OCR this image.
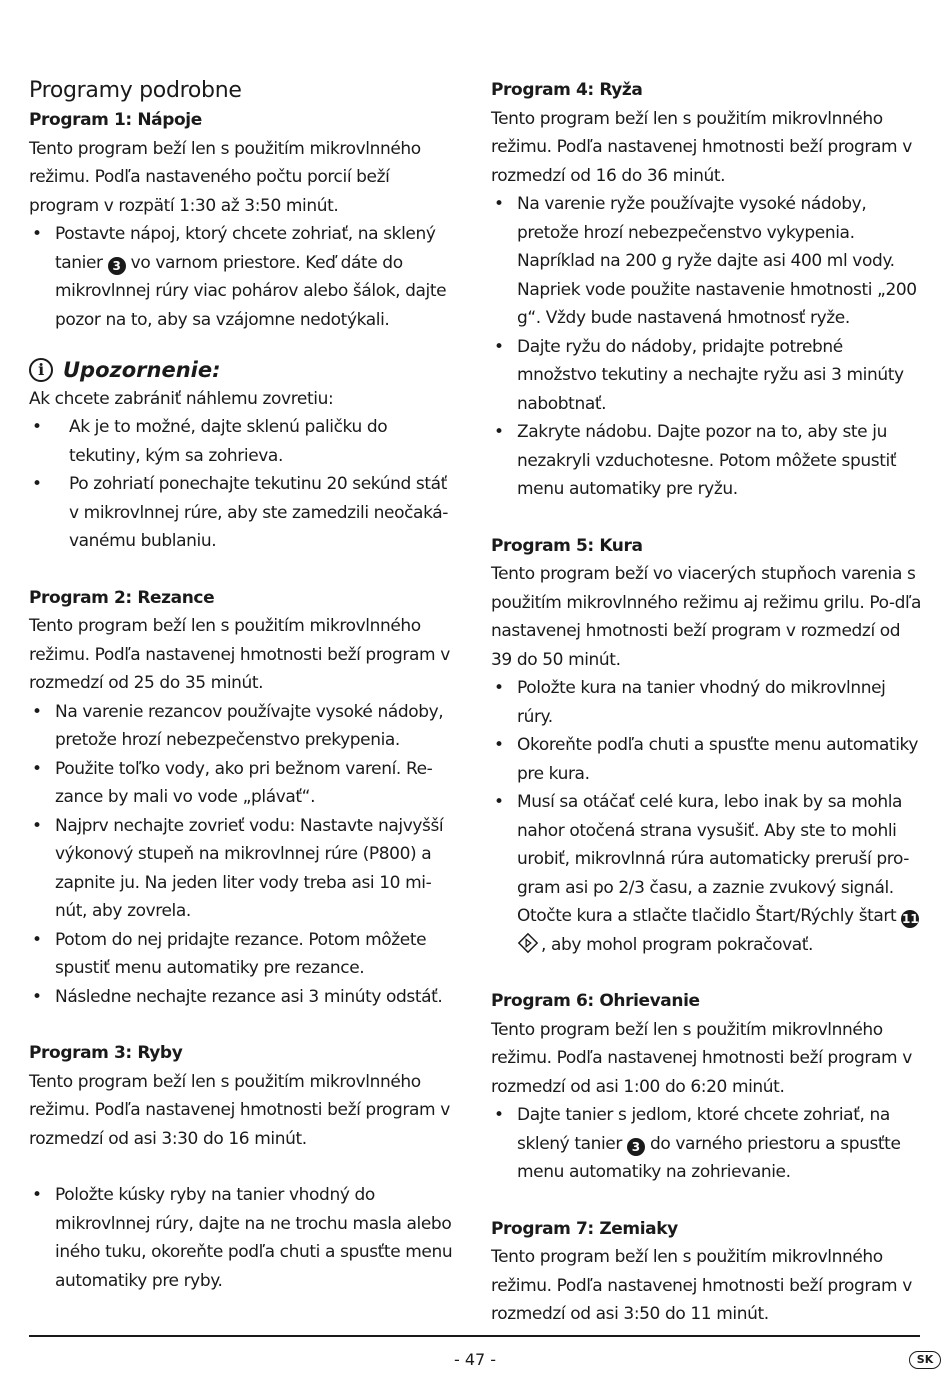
Programy podrobne

Program 1: Nápoje

Tento program beží len s použitím mikrovlnného režimu. Podľa nastaveného počtu porcií beží program v rozpätí 1:30 až 3:50 minút.

• Postavte nápoj, ktorý chcete zohriať, na sklený tanier 3 vo varnom priestore. Keď dáte do mikrovlnnej rúry viac pohárov alebo šálok, dajte pozor na to, aby sa vzájomne nedotýkali.
i Upozornenie:

Ak chcete zabrániť náhlemu zovretiu:

• Ak je to možné, dajte sklenú paličku do tekutiny, kým sa zohrieva.
• Po zohriatí ponechajte tekutinu 20 sekúnd stáť v mikrovlnnej rúre, aby ste zamedzili neočaká-vanému bublaniu.

Program 2: Rezance

Tento program beží len s použitím mikrovlnného režimu. Podľa nastavenej hmotnosti beží program v rozmedzí od 25 do 35 minút.

• Na varenie rezancov používajte vysoké nádoby, pretože hrozí nebezpečenstvo prekypenia.
• Použite toľko vody, ako pri bežnom varení. Re-zance by mali vo vode „plávať“.
• Najprv nechajte zovrieť vodu: Nastavte najvyšší výkonový stupeň na mikrovlnnej rúre (P800) a zapnite ju. Na jeden liter vody treba asi 10 mi-nút, aby zovrela.
• Potom do nej pridajte rezance. Potom môžete spustiť menu automatiky pre rezance.
• Následne nechajte rezance asi 3 minúty odstáť.

Program 3: Ryby

Tento program beží len s použitím mikrovlnného režimu. Podľa nastavenej hmotnosti beží program v rozmedzí od asi 3:30 do 16 minút.

• Položte kúsky ryby na tanier vhodný do mikrovlnnej rúry, dajte na ne trochu masla alebo iného tuku, okoreňte podľa chuti a spusťte menu automatiky pre ryby.

Program 4: Ryža

Tento program beží len s použitím mikrovlnného režimu. Podľa nastavenej hmotnosti beží program v rozmedzí od 16 do 36 minút.

• Na varenie ryže používajte vysoké nádoby, pretože hrozí nebezpečenstvo vykypenia. Napríklad na 200 g ryže dajte asi 400 ml vody. Napriek vode použite nastavenie hmotnosti „200 g“. Vždy bude nastavená hmotnosť ryže.
• Dajte ryžu do nádoby, pridajte potrebné množstvo tekutiny a nechajte ryžu asi 3 minúty nabobtnať.
• Zakryte nádobu. Dajte pozor na to, aby ste ju nezakryli vzduchotesne. Potom môžete spustiť menu automatiky pre ryžu.

Program 5: Kura

Tento program beží vo viacerých stupňoch varenia s použitím mikrovlnného režimu aj režimu grilu. Po-dľa nastavenej hmotnosti beží program v rozmedzí od 39 do 50 minút.

• Položte kura na tanier vhodný do mikrovlnnej rúry.
• Okoreňte podľa chuti a spusťte menu automatiky pre kura.
• Musí sa otáčať celé kura, lebo inak by sa mohla nahor otočená strana vysušiť. Aby ste to mohli urobiť, mikrovlnná rúra automaticky preruší pro-gram asi po 2/3 času, a zaznie zvukový signál. Otočte kura a stlačte tlačidlo Štart/Rýchly štart 11
, aby mohol program pokračovať.

Program 6: Ohrievanie

Tento program beží len s použitím mikrovlnného režimu. Podľa nastavenej hmotnosti beží program v rozmedzí od asi 1:00 do 6:20 minút.

• Dajte tanier s jedlom, ktoré chcete zohriať, na sklený tanier 3 do varného priestoru a spusťte menu automatiky na zohrievanie.

Program 7: Zemiaky

Tento program beží len s použitím mikrovlnného režimu. Podľa nastavenej hmotnosti beží program v rozmedzí od asi 3:50 do 11 minút.

- 47 -	SK
